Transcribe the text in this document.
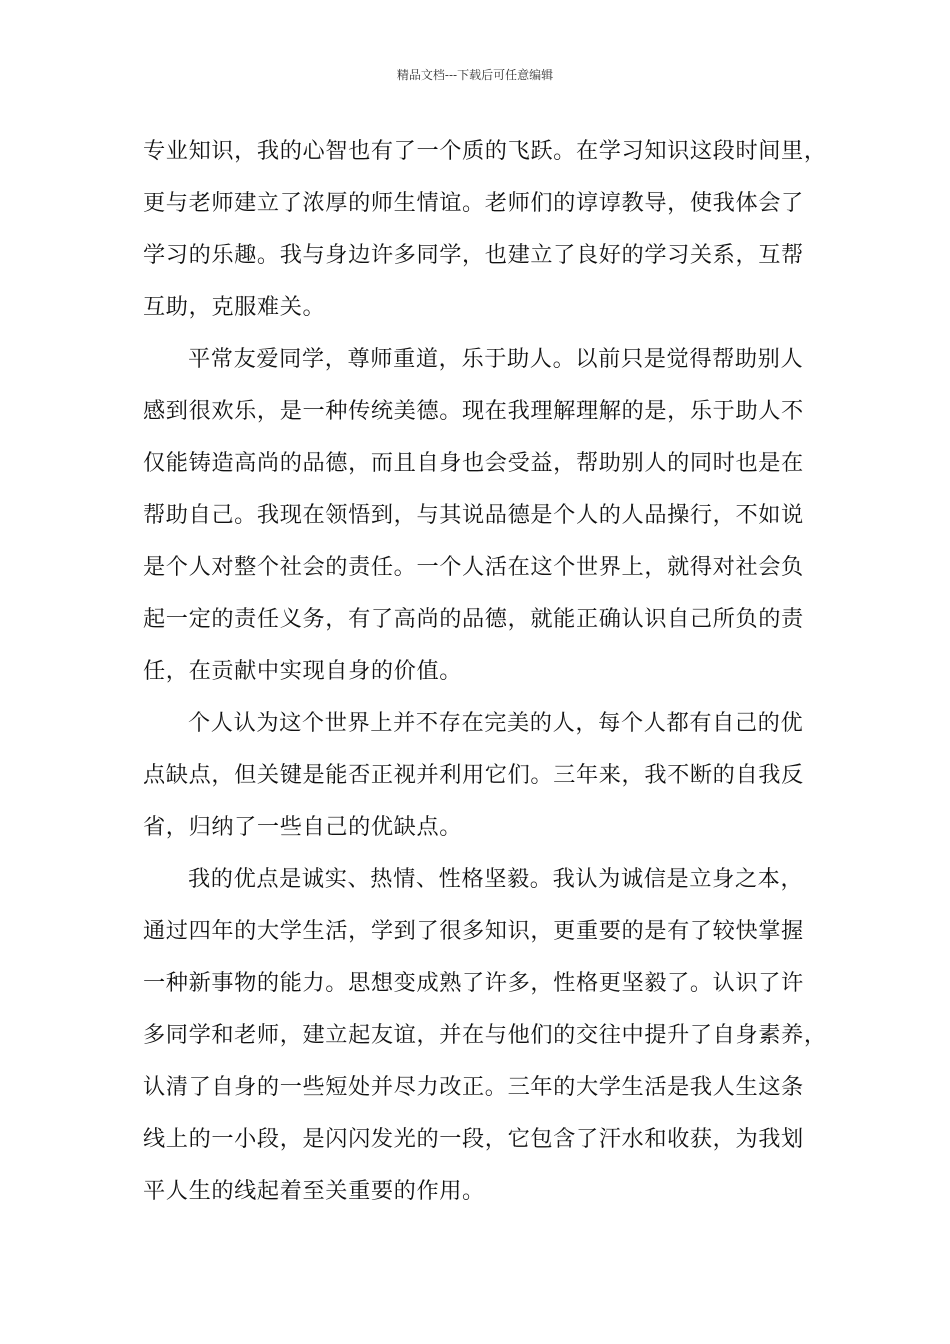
精品文档---下载后可任意编辑
专业知识，我的心智也有了一个质的飞跃。在学习知识这段时间里，
更与老师建立了浓厚的师生情谊。老师们的谆谆教导，使我体会了
学习的乐趣。我与身边许多同学，也建立了良好的学习关系，互帮
互助，克服难关。
平常友爱同学，尊师重道，乐于助人。以前只是觉得帮助别人
感到很欢乐，是一种传统美德。现在我理解理解的是，乐于助人不
仅能铸造高尚的品德，而且自身也会受益，帮助别人的同时也是在
帮助自己。我现在领悟到，与其说品德是个人的人品操行，不如说
是个人对整个社会的责任。一个人活在这个世界上，就得对社会负
起一定的责任义务，有了高尚的品德，就能正确认识自己所负的责
任，在贡献中实现自身的价值。
个人认为这个世界上并不存在完美的人，每个人都有自己的优
点缺点，但关键是能否正视并利用它们。三年来，我不断的自我反
省，归纳了一些自己的优缺点。
我的优点是诚实、热情、性格坚毅。我认为诚信是立身之本，
通过四年的大学生活，学到了很多知识，更重要的是有了较快掌握
一种新事物的能力。思想变成熟了许多，性格更坚毅了。认识了许
多同学和老师，建立起友谊，并在与他们的交往中提升了自身素养，
认清了自身的一些短处并尽力改正。三年的大学生活是我人生这条
线上的一小段，是闪闪发光的一段，它包含了汗水和收获，为我划
平人生的线起着至关重要的作用。
